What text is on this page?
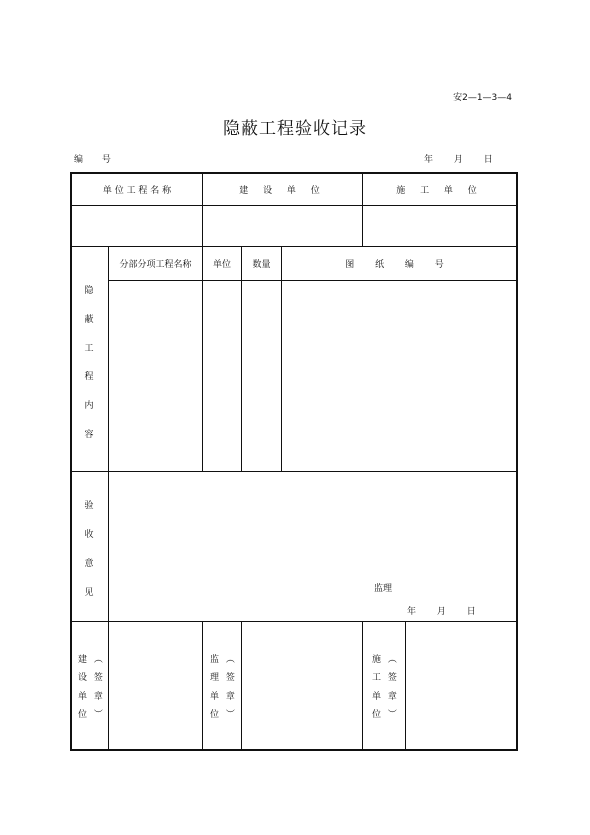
安2—1—3—4
隐蔽工程验收记录
编 号	年 月 日
单 位 工 程 名 称	建 设 单 位	施 工 单 位
分部分项工程名称	单位	数量	图 纸 编 号
隐
蔽
工
程
内
容
验
收
意
见	监理
年 月 日
建 ︵
设 签
单 章
位 ︶
监 ︵
理 签
单 章
位 ︶
施 ︵
工 签
单 章
位 ︶
